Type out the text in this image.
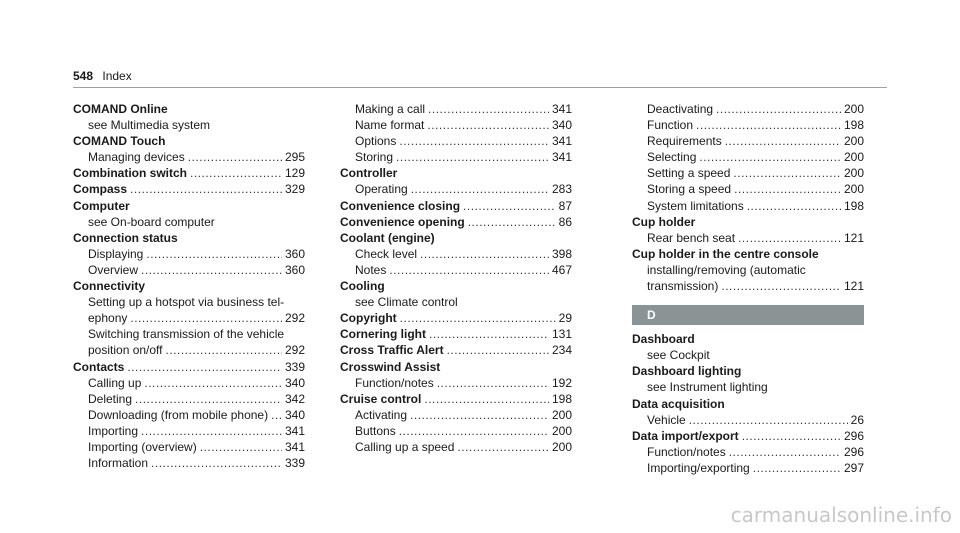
548 Index
COMAND Online
see Multimedia system
COMAND Touch
Managing devices .....	295
Combination switch .....	129
Compass .....	329
Computer
see On-board computer
Connection status
Displaying .....	360
Overview .....	360
Connectivity
Setting up a hotspot via business tel-
ephony .....	292
Switching transmission of the vehicle
position on/off .....	292
Contacts .....	339
Calling up .....	340
Deleting .....	342
Downloading (from mobile phone) ..... 340
Importing .....	341
Importing (overview) .....	341
Information .....	339
Making a call .....	341
Name format .....	340
Options .....	341
Storing .....	341
Controller
Operating .....	283
Convenience closing .....	87
Convenience opening .....	86
Coolant (engine)
Check level .....	398
Notes .....	467
Cooling
see Climate control
Copyright .....	29
Cornering light .....	131
Cross Traffic Alert .....	234
Crosswind Assist
Function/notes .....	192
Cruise control .....	198
Activating .....	200
Buttons .....	200
Calling up a speed .....	200
Deactivating .....	200
Function .....	198
Requirements .....	200
Selecting .....	200
Setting a speed .....	200
Storing a speed .....	200
System limitations .....	198
Cup holder
Rear bench seat .....	121
Cup holder in the centre console
installing/removing (automatic
transmission) .....	121
D
Dashboard
see Cockpit
Dashboard lighting
see Instrument lighting
Data acquisition
Vehicle .....	26
Data import/export .....	296
Function/notes .....	296
Importing/exporting .....	297
carmanualsonline.info
